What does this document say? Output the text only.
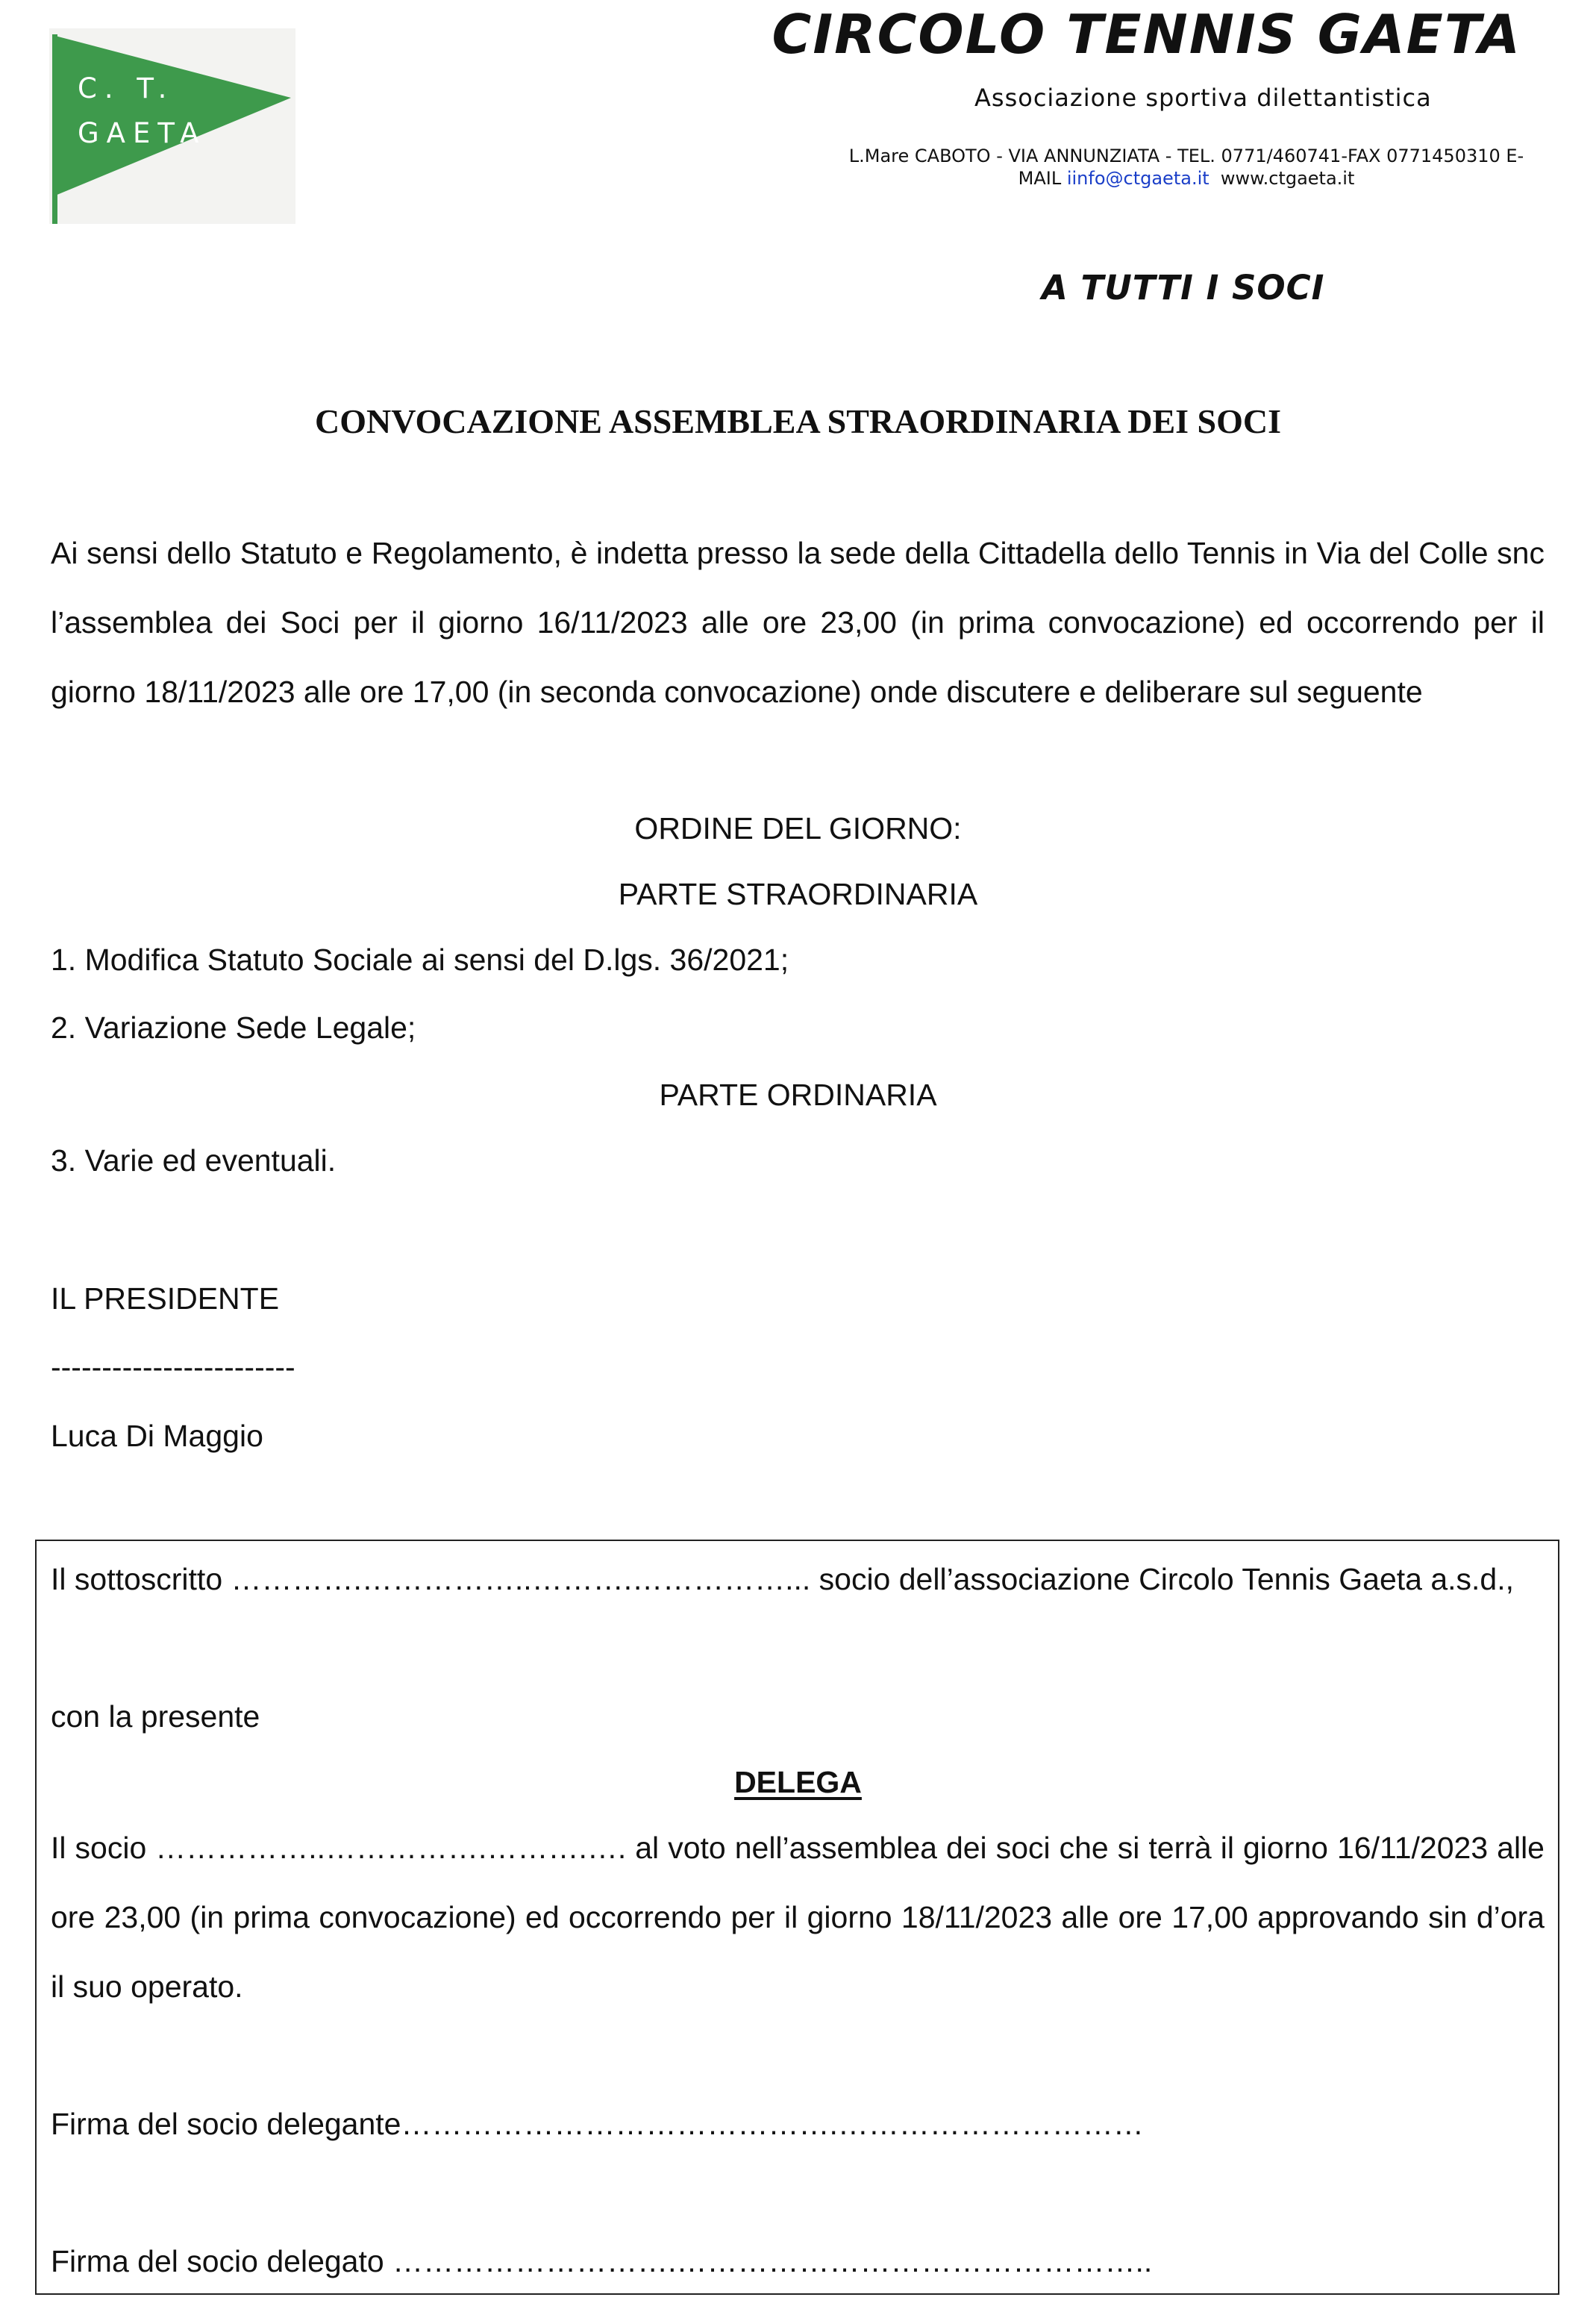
C. T.
GAETA
CIRCOLO TENNIS GAETA
Associazione sportiva dilettantistica
L.Mare CABOTO - VIA ANNUNZIATA - TEL. 0771/460741-FAX 0771450310 E-
MAIL iinfo@ctgaeta.it www.ctgaeta.it
A TUTTI I SOCI
CONVOCAZIONE ASSEMBLEA STRAORDINARIA DEI SOCI
Ai sensi dello Statuto e Regolamento, è indetta presso la sede della Cittadella dello Tennis in Via del Colle snc l’assemblea dei Soci per il giorno 16/11/2023 alle ore 23,00 (in prima convocazione) ed occorrendo per il giorno 18/11/2023 alle ore 17,00 (in seconda convocazione) onde discutere e deliberare sul seguente
ORDINE DEL GIORNO:
PARTE STRAORDINARIA
1. Modifica Statuto Sociale ai sensi del D.lgs. 36/2021;
2. Variazione Sede Legale;
PARTE ORDINARIA
3. Varie ed eventuali.
IL PRESIDENTE
------------------------
Luca Di Maggio
Il sottoscritto ………….……………..……….……………... socio dell’associazione Circolo Tennis Gaeta a.s.d.,
con la presente
DELEGA
Il socio ……………..…………….……….…. al voto nell’assemblea dei soci che si terrà il giorno 16/11/2023 alle ore 23,00 (in prima convocazione) ed occorrendo per il giorno 18/11/2023 alle ore 17,00 approvando sin d’ora il suo operato.
Firma del socio delegante…………………………………….…………………………
Firma del socio delegato ……………………….………………………………………..
